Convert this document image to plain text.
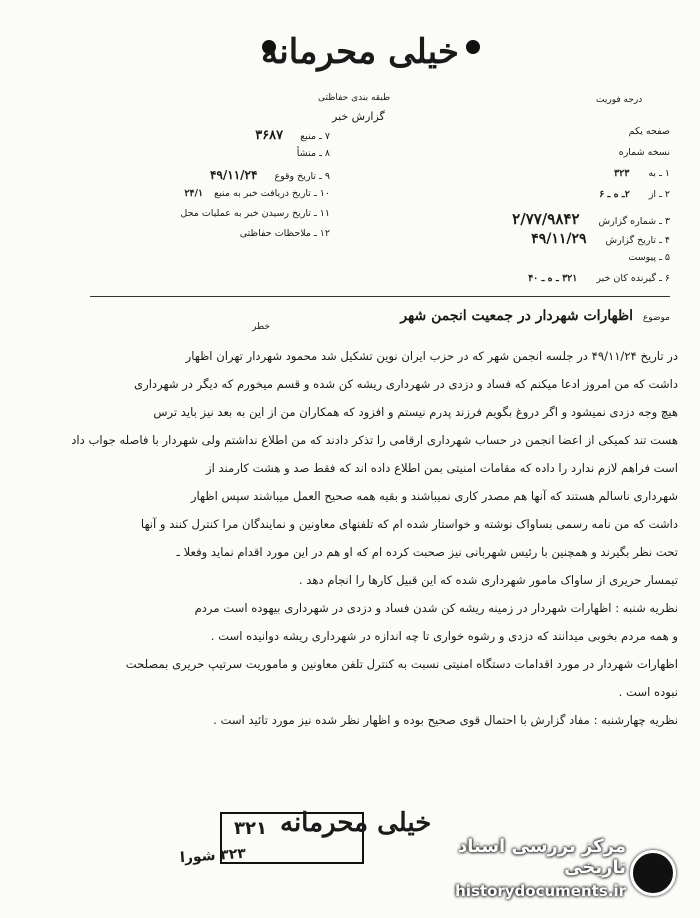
خیلی محرمانه
طبقه بندی حفاظتی
گزارش خبر
درجه فوریت
صفحه یکم
نسخه شماره
۱ ـ به ۳۲۳
۲ ـ از ۲ـ ه ـ ۶
۳ ـ شماره گزارش ۲/۷۷/۹۸۴۲
۴ ـ تاریخ گزارش ۴۹/۱۱/۲۹
۵ ـ پیوست
۶ ـ گیرنده کان خبر ۳۲۱ ـ ه ـ ۴۰
۷ ـ منبع ۳۶۸۷
۸ ـ منشأ
۹ ـ تاریخ وقوع ۴۹/۱۱/۲۴
۱۰ ـ تاریخ دریافت خبر به منبع ۲۴/۱
۱۱ ـ تاریخ رسیدن خبر به عملیات محل
۱۲ ـ ملاحظات حفاظتی
خطر
موضوع اظهارات شهردار در جمعیت انجمن شهر

در تاریخ ۴۹/۱۱/۲۴ در جلسه انجمن شهر که در حزب ایران نوین تشکیل شد محمود شهردار تهران اظهار

داشت که من امروز ادعا میکنم که فساد و دزدی در شهرداری ریشه کن شده و قسم میخورم که دیگر در شهرداری

هیچ وجه دزدی نمیشود و اگر دروغ بگویم فرزند پدرم نیستم و افزود که همکاران من از این به بعد نیز باید ترس

هست تند کمیکی از اعضا انجمن در حساب شهرداری ارقامی را تذکر دادند که من اطلاع نداشتم ولی شهردار با فاصله جواب داد

است فراهم لازم ندارد را داده که مقامات امنیتی بمن اطلاع داده اند که فقط صد و هشت کارمند از

شهرداری ناسالم هستند که آنها هم مصدر کاری نمیباشند و بقیه همه صحیح العمل میباشند سپس اظهار

داشت که من نامه رسمی بساواک نوشته و خواستار شده ام که تلفنهای معاونین و نمایندگان مرا کنترل کنند و آنها

تحت نظر بگیرند و همچنین با رئیس شهربانی نیز صحبت کرده ام که او هم در این مورد اقدام نماید وفعلا ـ

تیمسار حریری از ساواک مامور شهرداری شده که این قبیل کارها را انجام دهد .

نظریه شنبه : اظهارات شهردار در زمینه ریشه کن شدن فساد و دزدی در شهرداری بیهوده است مردم

و همه مردم بخوبی میدانند که دزدی و رشوه خواری تا چه اندازه در شهرداری ریشه دوانیده است .

اظهارات شهردار در مورد اقدامات دستگاه امنیتی نسبت به کنترل تلفن معاونین و ماموریت سرتیپ حریری بمصلحت

نبوده است .

نظریه چهارشنبه : مفاد گزارش با احتمال قوی صحیح بوده و اظهار نظر شده نیز مورد تائید است .

۳۲۱ خیلی محرمانه
۳۲۳ شورا	مرکز بررسی اسناد تاریخی
historydocuments.ir
